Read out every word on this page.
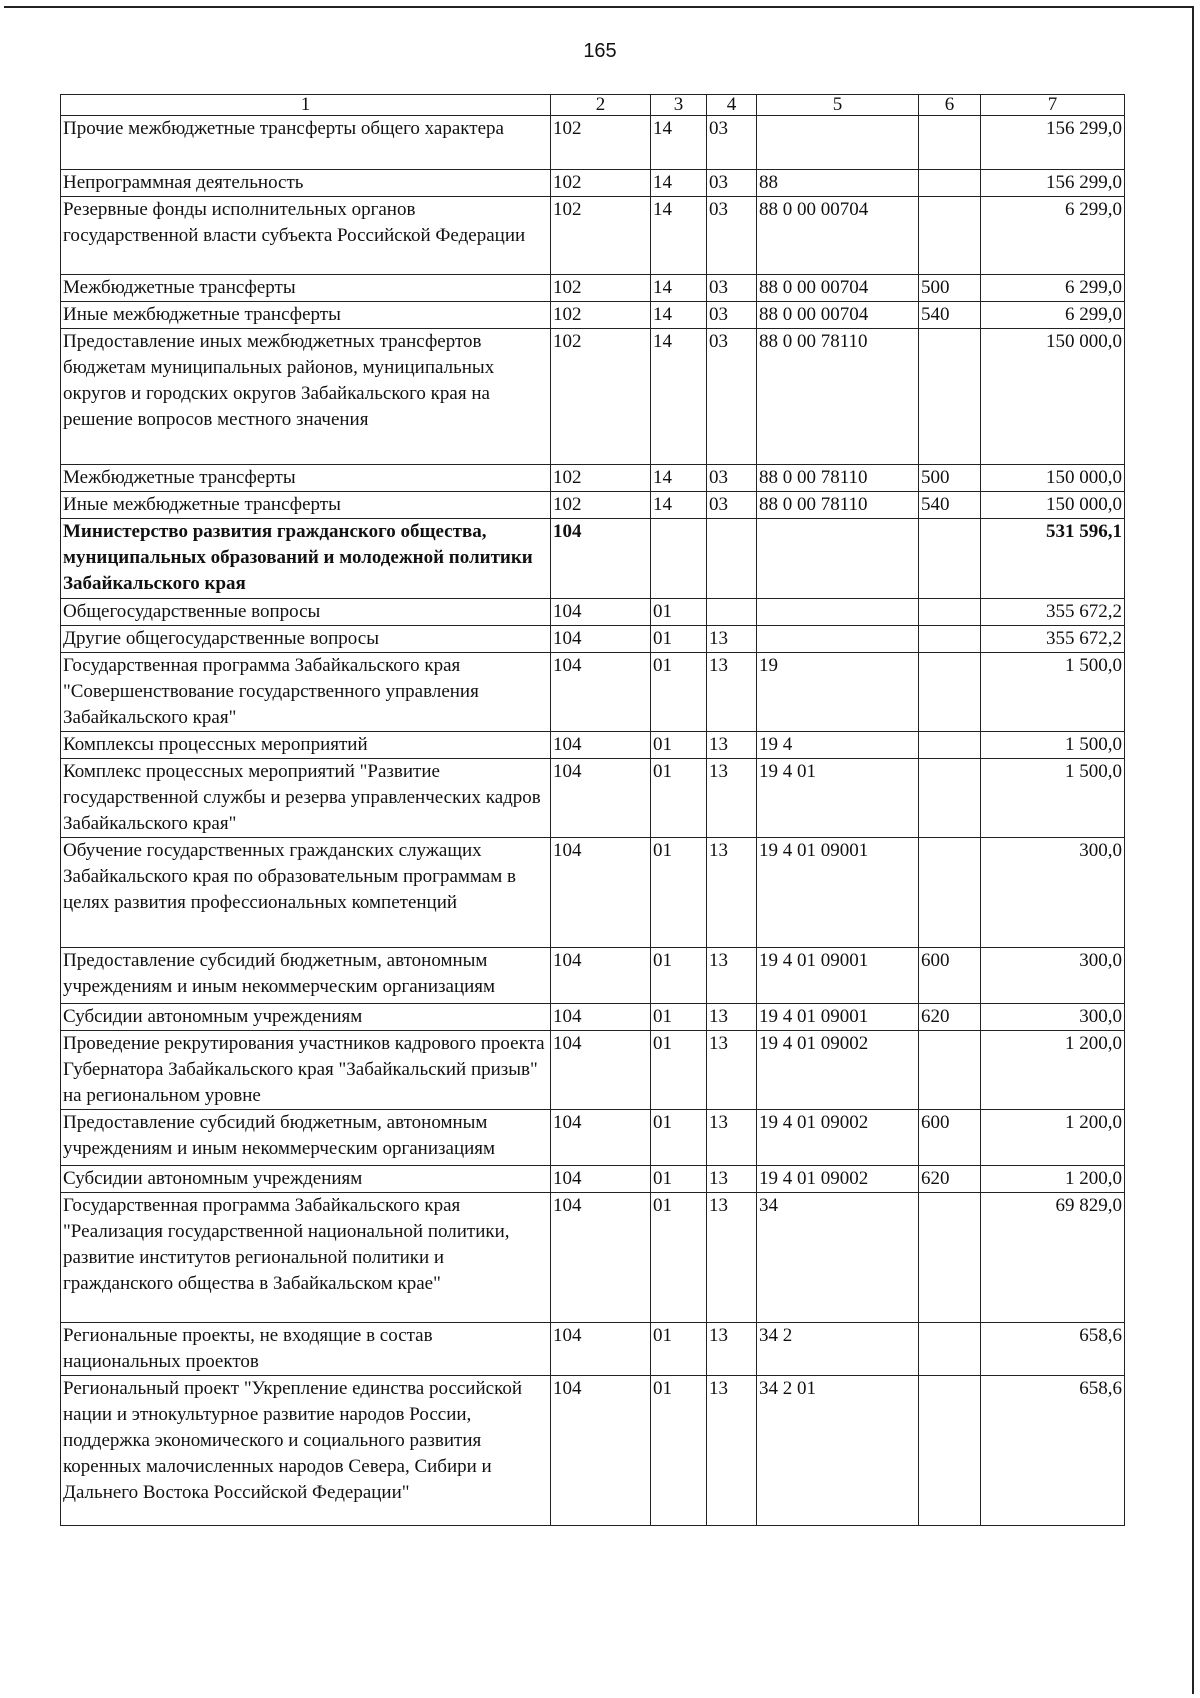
165
1	2	3	4	5	6	7
Прочие межбюджетные трансферты общего характера	102	14	03			156 299,0
Непрограммная деятельность	102	14	03	88		156 299,0
Резервные фонды исполнительных органов государственной власти субъекта Российской Федерации	102	14	03	88 0 00 00704		6 299,0
Межбюджетные трансферты	102	14	03	88 0 00 00704	500	6 299,0
Иные межбюджетные трансферты	102	14	03	88 0 00 00704	540	6 299,0
Предоставление иных межбюджетных трансфертов бюджетам муниципальных районов, муниципальных округов и городских округов Забайкальского края на решение вопросов местного значения	102	14	03	88 0 00 78110		150 000,0
Межбюджетные трансферты	102	14	03	88 0 00 78110	500	150 000,0
Иные межбюджетные трансферты	102	14	03	88 0 00 78110	540	150 000,0
Министерство развития гражданского общества, муниципальных образований и молодежной политики Забайкальского края	104					531 596,1
Общегосударственные вопросы	104	01				355 672,2
Другие общегосударственные вопросы	104	01	13			355 672,2
Государственная программа Забайкальского края "Совершенствование государственного управления Забайкальского края"	104	01	13	19		1 500,0
Комплексы процессных мероприятий	104	01	13	19 4		1 500,0
Комплекс процессных мероприятий "Развитие государственной службы и резерва управленческих кадров Забайкальского края"	104	01	13	19 4 01		1 500,0
Обучение государственных гражданских служащих Забайкальского края по образовательным программам в целях развития профессиональных компетенций	104	01	13	19 4 01 09001		300,0
Предоставление субсидий бюджетным, автономным учреждениям и иным некоммерческим организациям	104	01	13	19 4 01 09001	600	300,0
Субсидии автономным учреждениям	104	01	13	19 4 01 09001	620	300,0
Проведение рекрутирования участников кадрового проекта Губернатора Забайкальского края "Забайкальский призыв" на региональном уровне	104	01	13	19 4 01 09002		1 200,0
Предоставление субсидий бюджетным, автономным учреждениям и иным некоммерческим организациям	104	01	13	19 4 01 09002	600	1 200,0
Субсидии автономным учреждениям	104	01	13	19 4 01 09002	620	1 200,0
Государственная программа Забайкальского края "Реализация государственной национальной политики, развитие институтов региональной политики и гражданского общества в Забайкальском крае"	104	01	13	34		69 829,0
Региональные проекты, не входящие в состав национальных проектов	104	01	13	34 2		658,6
Региональный проект "Укрепление единства российской нации и этнокультурное развитие народов России, поддержка экономического и социального развития коренных малочисленных народов Севера, Сибири и Дальнего Востока Российской Федерации"	104	01	13	34 2 01		658,6
